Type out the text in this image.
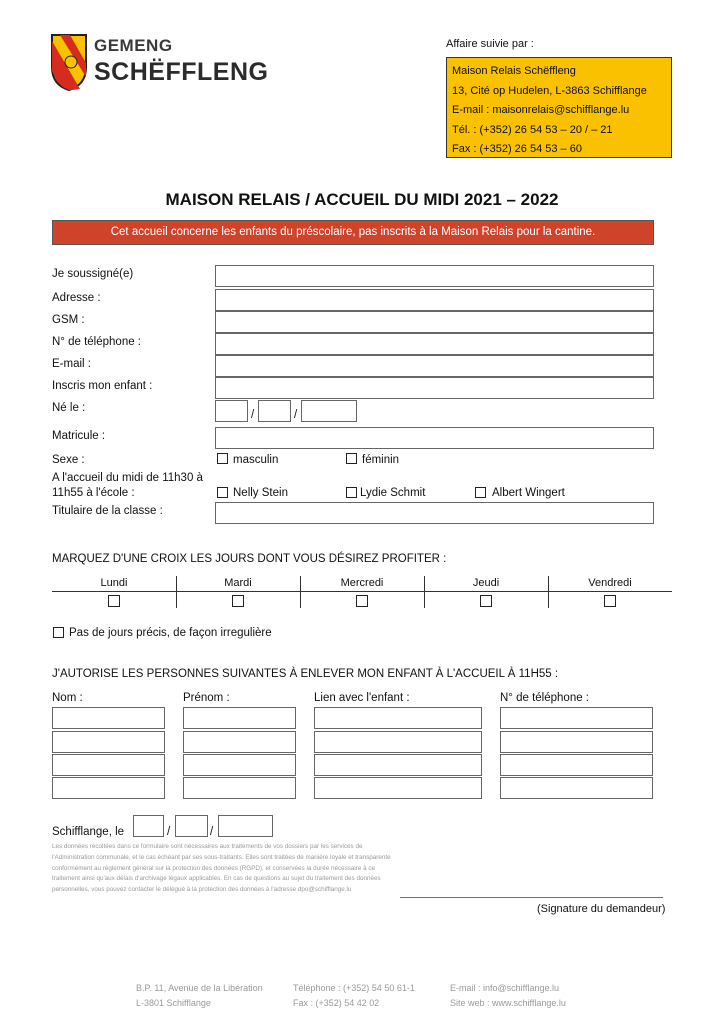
GEMENG
SCHËFFLENG
Affaire suivie par :
Maison Relais Schëffleng
13, Cité op Hudelen, L-3863 Schifflange
E-mail : maisonrelais@schifflange.lu
Tél. : (+352) 26 54 53 – 20 / – 21
Fax : (+352) 26 54 53 – 60
MAISON RELAIS / ACCUEIL DU MIDI 2021 – 2022
Cet accueil concerne les enfants du préscolaire, pas inscrits à la Maison Relais pour la cantine.
Je soussigné(e)
Adresse :
GSM :
N° de téléphone :
E-mail :
Inscris mon enfant :
Né le :
/	/
Matricule :
Sexe :	masculin	féminin
A l'accueil du midi de 11h30 à
11h55 à l'école :	Nelly Stein	Lydie Schmit	Albert Wingert
Titulaire de la classe :
MARQUEZ D'UNE CROIX LES JOURS DONT VOUS DÉSIREZ PROFITER :
Lundi	Mardi	Mercredi	Jeudi	Vendredi
Pas de jours précis, de façon irregulière
J'AUTORISE LES PERSONNES SUIVANTES À ENLEVER MON ENFANT À L'ACCUEIL À 11H55 :
Nom :	Prénom :	Lien avec l'enfant :	N° de téléphone :
Schifflange, le	/	/
Les données récoltées dans ce formulaire sont nécessaires aux traitements de vos dossiers par les services de l'Administration communale, et le cas échéant par ses sous-traitants. Elles sont traitées de manière loyale et transparente conformément au règlement général sur la protection des données (RGPD), et conservées la durée nécessaire à ce traitement ainsi qu'aux délais d'archivage légaux applicables. En cas de questions au sujet du traitement des données personnelles, vous pouvez contacter le délégué à la protection des données à l'adresse dpo@schifflange.lu
(Signature du demandeur)
B.P. 11, Avenue de la Libération
L-3801 Schifflange
Téléphone : (+352) 54 50 61-1
Fax : (+352) 54 42 02
E-mail : info@schifflange.lu
Site web : www.schifflange.lu
